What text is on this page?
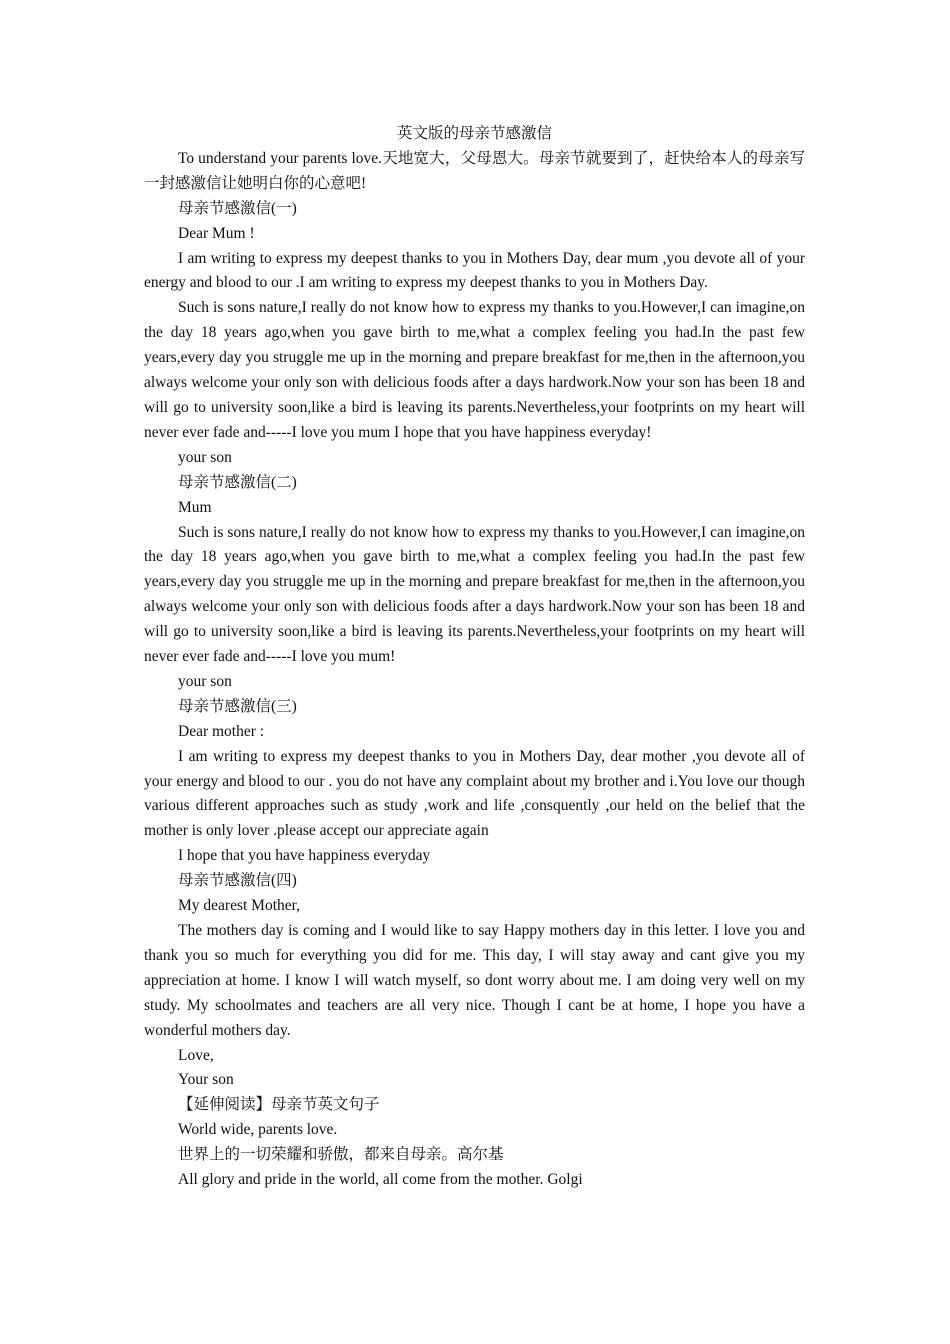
英文版的母亲节感激信

To understand your parents love.天地宽大，父母恩大。母亲节就要到了，赶快给本人的母亲写一封感激信让她明白你的心意吧!

母亲节感激信(一)

Dear Mum !

I am writing to express my deepest thanks to you in Mothers Day, dear mum ,you devote all of your energy and blood to our .I am writing to express my deepest thanks to you in Mothers Day.

Such is sons nature,I really do not know how to express my thanks to you.However,I can imagine,on the day 18 years ago,when you gave birth to me,what a complex feeling you had.In the past few years,every day you struggle me up in the morning and prepare breakfast for me,then in the afternoon,you always welcome your only son with delicious foods after a days hardwork.Now your son has been 18 and will go to university soon,like a bird is leaving its parents.Nevertheless,your footprints on my heart will never ever fade and-----I love you mum I hope that you have happiness everyday!

your son

母亲节感激信(二)

Mum

Such is sons nature,I really do not know how to express my thanks to you.However,I can imagine,on the day 18 years ago,when you gave birth to me,what a complex feeling you had.In the past few years,every day you struggle me up in the morning and prepare breakfast for me,then in the afternoon,you always welcome your only son with delicious foods after a days hardwork.Now your son has been 18 and will go to university soon,like a bird is leaving its parents.Nevertheless,your footprints on my heart will never ever fade and-----I love you mum!

your son

母亲节感激信(三)

Dear mother :

I am writing to express my deepest thanks to you in Mothers Day, dear mother ,you devote all of your energy and blood to our . you do not have any complaint about my brother and i.You love our though various different approaches such as study ,work and life ,consquently ,our held on the belief that the mother is only lover .please accept our appreciate again

I hope that you have happiness everyday

母亲节感激信(四)

My dearest Mother,

The mothers day is coming and I would like to say Happy mothers day in this letter. I love you and thank you so much for everything you did for me. This day, I will stay away and cant give you my appreciation at home. I know I will watch myself, so dont worry about me. I am doing very well on my study. My schoolmates and teachers are all very nice. Though I cant be at home, I hope you have a wonderful mothers day.

Love,

Your son

【延伸阅读】母亲节英文句子

World wide, parents love.

世界上的一切荣耀和骄傲，都来自母亲。高尔基

All glory and pride in the world, all come from the mother. Golgi
